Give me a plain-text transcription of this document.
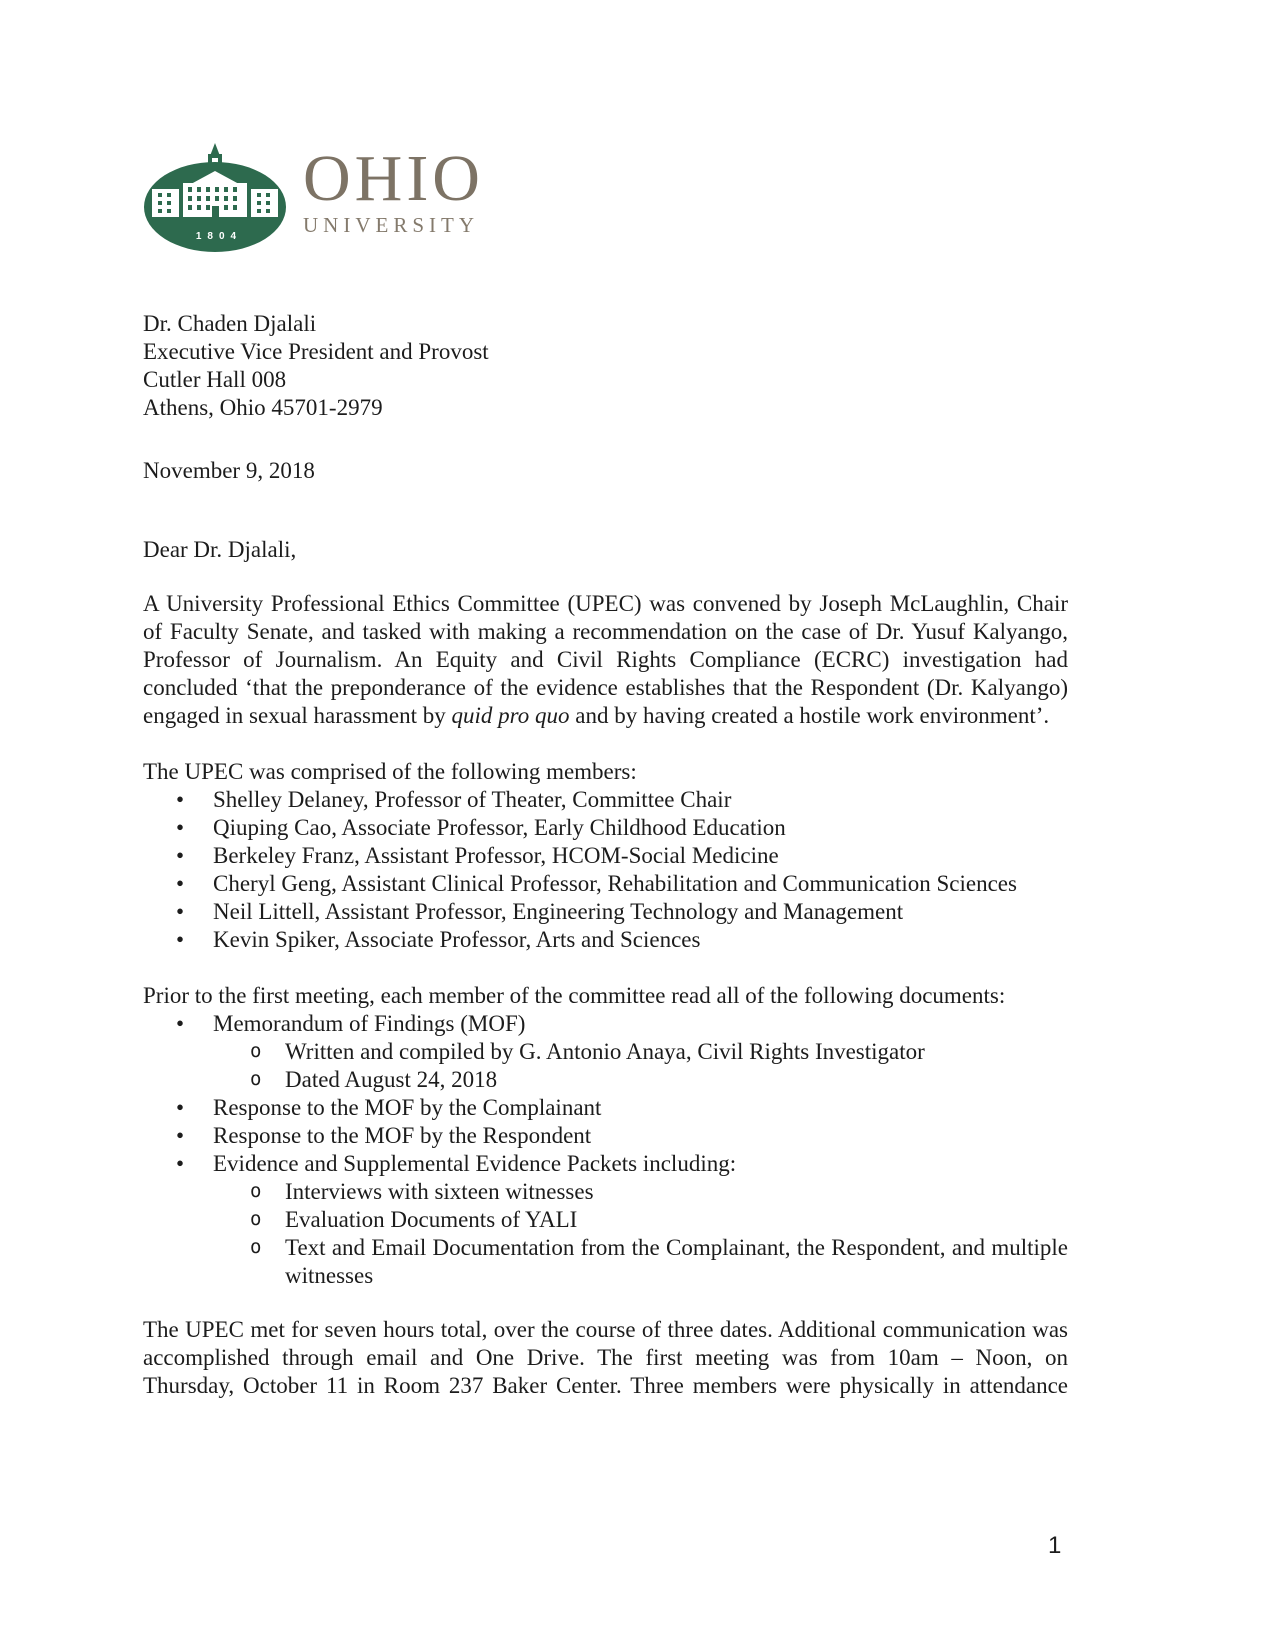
1804
OHIO
UNIVERSITY
Dr. Chaden Djalali
Executive Vice President and Provost
Cutler Hall 008
Athens, Ohio 45701-2979
November 9, 2018
Dear Dr. Djalali,

A University Professional Ethics Committee (UPEC) was convened by Joseph McLaughlin, Chair of Faculty Senate, and tasked with making a recommendation on the case of Dr. Yusuf Kalyango, Professor of Journalism. An Equity and Civil Rights Compliance (ECRC) investigation had concluded ‘that the preponderance of the evidence establishes that the Respondent (Dr. Kalyango) engaged in sexual harassment by quid pro quo and by having created a hostile work environment’.

The UPEC was comprised of the following members:
• Shelley Delaney, Professor of Theater, Committee Chair
• Qiuping Cao, Associate Professor, Early Childhood Education
• Berkeley Franz, Assistant Professor, HCOM-Social Medicine
• Cheryl Geng, Assistant Clinical Professor, Rehabilitation and Communication Sciences
• Neil Littell, Assistant Professor, Engineering Technology and Management
• Kevin Spiker, Associate Professor, Arts and Sciences
Prior to the first meeting, each member of the committee read all of the following documents:
• Memorandum of Findings (MOF)
o Written and compiled by G. Antonio Anaya, Civil Rights Investigator
o Dated August 24, 2018
• Response to the MOF by the Complainant
• Response to the MOF by the Respondent
• Evidence and Supplemental Evidence Packets including:
o Interviews with sixteen witnesses
o Evaluation Documents of YALI
o Text and Email Documentation from the Complainant, the Respondent, and multiple witnesses

The UPEC met for seven hours total, over the course of three dates. Additional communication was accomplished through email and One Drive. The first meeting was from 10am – Noon, on Thursday, October 11 in Room 237 Baker Center. Three members were physically in attendance

1
